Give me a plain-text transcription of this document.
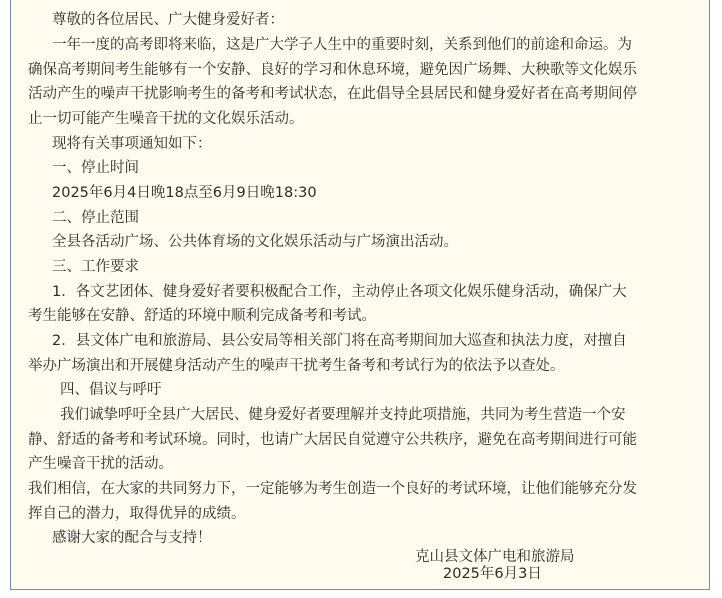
尊敬的各位居民、广大健身爱好者：
一年一度的高考即将来临，这是广大学子人生中的重要时刻，关系到他们的前途和命运。为
确保高考期间考生能够有一个安静、良好的学习和休息环境，避免因广场舞、大秧歌等文化娱乐
活动产生的噪声干扰影响考生的备考和考试状态，在此倡导全县居民和健身爱好者在高考期间停
止一切可能产生噪音干扰的文化娱乐活动。
现将有关事项通知如下：
一、停止时间
2025年6月4日晚18点至6月9日晚18:30
二、停止范围
全县各活动广场、公共体育场的文化娱乐活动与广场演出活动。
三、工作要求
1．各文艺团体、健身爱好者要积极配合工作，主动停止各项文化娱乐健身活动，确保广大
考生能够在安静、舒适的环境中顺利完成备考和考试。
2．县文体广电和旅游局、县公安局等相关部门将在高考期间加大巡查和执法力度，对擅自
举办广场演出和开展健身活动产生的噪声干扰考生备考和考试行为的依法予以查处。
四、倡议与呼吁
我们诚挚呼吁全县广大居民、健身爱好者要理解并支持此项措施，共同为考生营造一个安
静、舒适的备考和考试环境。同时，也请广大居民自觉遵守公共秩序，避免在高考期间进行可能
产生噪音干扰的活动。
我们相信，在大家的共同努力下，一定能够为考生创造一个良好的考试环境，让他们能够充分发
挥自己的潜力，取得优异的成绩。
感谢大家的配合与支持！
克山县文体广电和旅游局
2025年6月3日
